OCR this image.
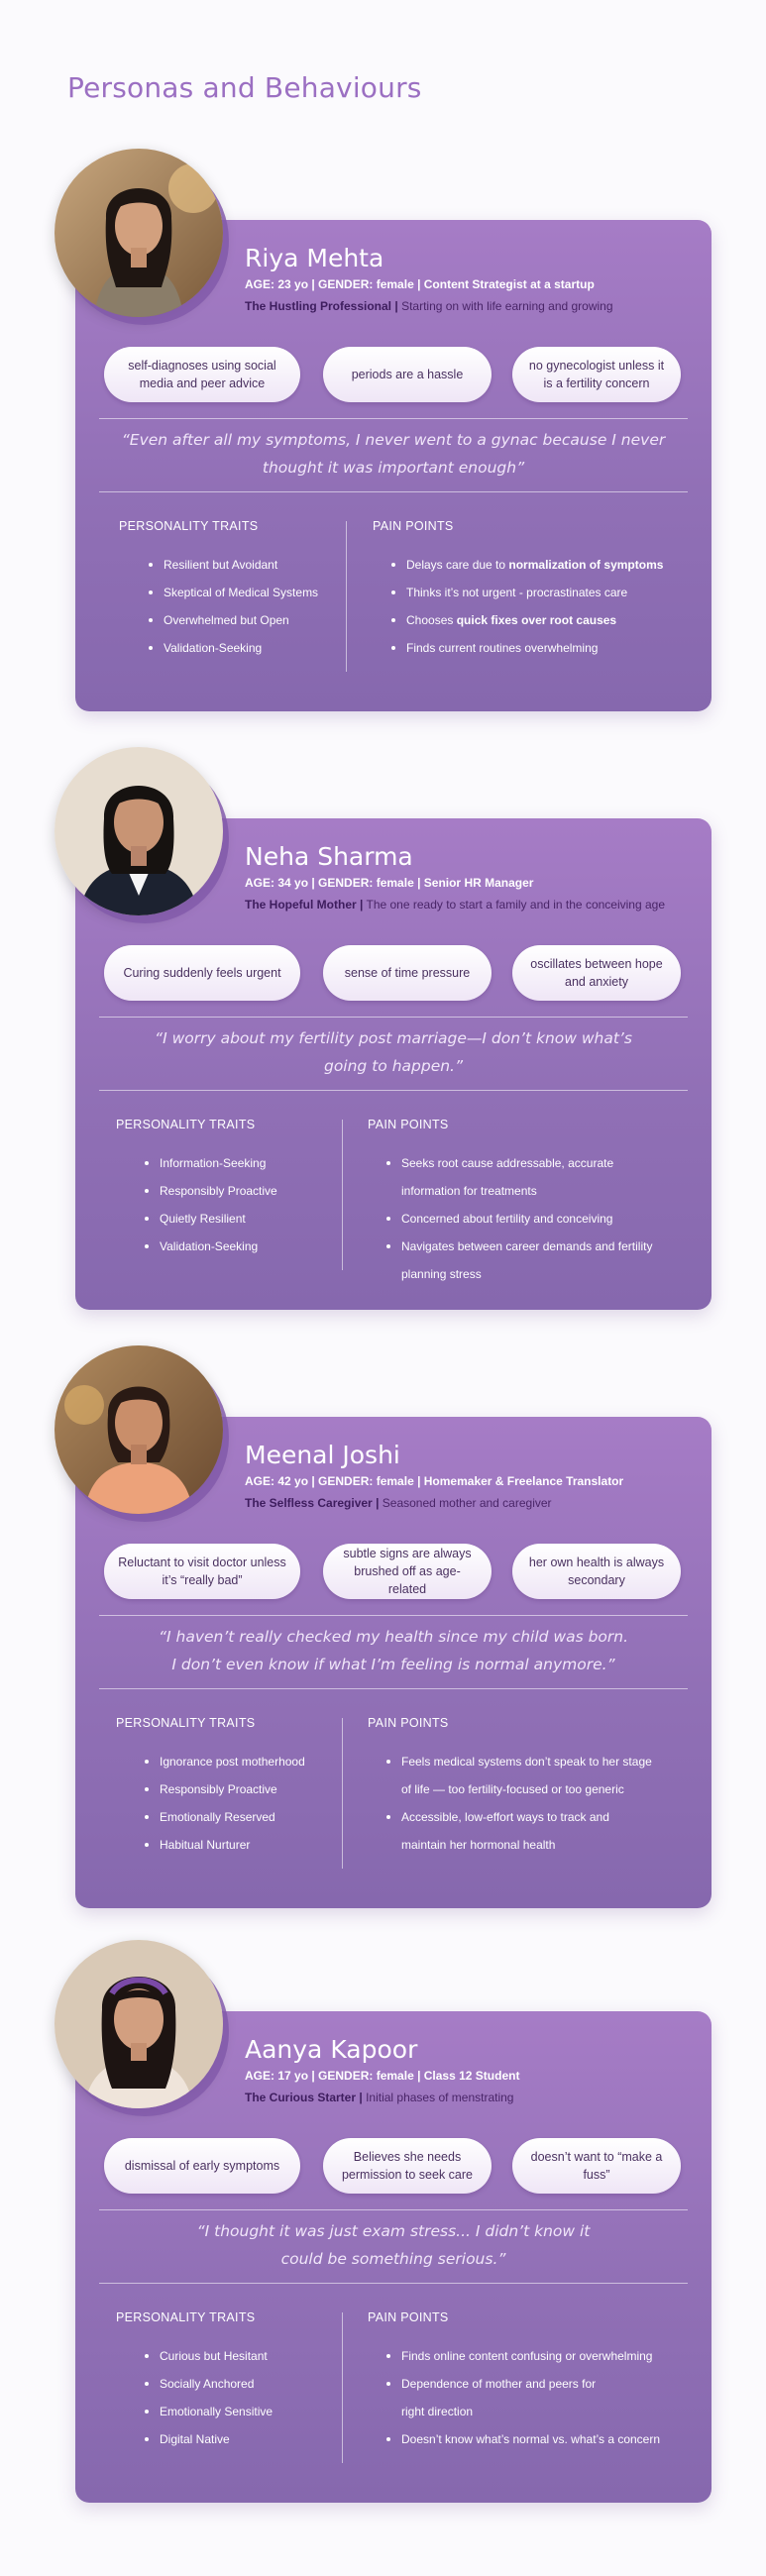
Personas and Behaviours
Riya Mehta
AGE: 23 yo | GENDER: female | Content Strategist at a startup
The Hustling Professional | Starting on with life earning and growing
self-diagnoses using social media and peer advice
periods are a hassle
no gynecologist unless it is a fertility concern
“Even after all my symptoms, I never went to a gynac because I never
thought it was important enough”
PERSONALITY TRAITS	PAIN POINTS
Resilient but Avoidant
Skeptical of Medical Systems
Overwhelmed but Open
Validation-Seeking
Delays care due to normalization of symptoms
Thinks it’s not urgent - procrastinates care
Chooses quick fixes over root causes
Finds current routines overwhelming
Neha Sharma
AGE: 34 yo | GENDER: female | Senior HR Manager
The Hopeful Mother | The one ready to start a family and in the conceiving age
Curing suddenly feels urgent	sense of time pressure
oscillates between hope and anxiety
“I worry about my fertility post marriage—I don’t know what’s
going to happen.”
PERSONALITY TRAITS	PAIN POINTS
Information-Seeking
Responsibly Proactive
Quietly Resilient
Validation-Seeking
Seeks root cause addressable, accurate
information for treatments
Concerned about fertility and conceiving
Navigates between career demands and fertility
planning stress
Meenal Joshi
AGE: 42 yo | GENDER: female | Homemaker & Freelance Translator
The Selfless Caregiver | Seasoned mother and caregiver
Reluctant to visit doctor unless it’s “really bad”
subtle signs are always brushed off as age-related
her own health is always secondary
“I haven’t really checked my health since my child was born.
I don’t even know if what I’m feeling is normal anymore.”
PERSONALITY TRAITS	PAIN POINTS
Ignorance post motherhood
Responsibly Proactive
Emotionally Reserved
Habitual Nurturer
Feels medical systems don’t speak to her stage
of life — too fertility-focused or too generic
Accessible, low-effort ways to track and
maintain her hormonal health
Aanya Kapoor
AGE: 17 yo | GENDER: female | Class 12 Student
The Curious Starter | Initial phases of menstrating
dismissal of early symptoms
Believes she needs permission to seek care
doesn’t want to “make a fuss”
“I thought it was just exam stress... I didn’t know it
could be something serious.”
PERSONALITY TRAITS	PAIN POINTS
Curious but Hesitant
Socially Anchored
Emotionally Sensitive
Digital Native
Finds online content confusing or overwhelming
Dependence of mother and peers for
right direction
Doesn’t know what’s normal vs. what’s a concern
